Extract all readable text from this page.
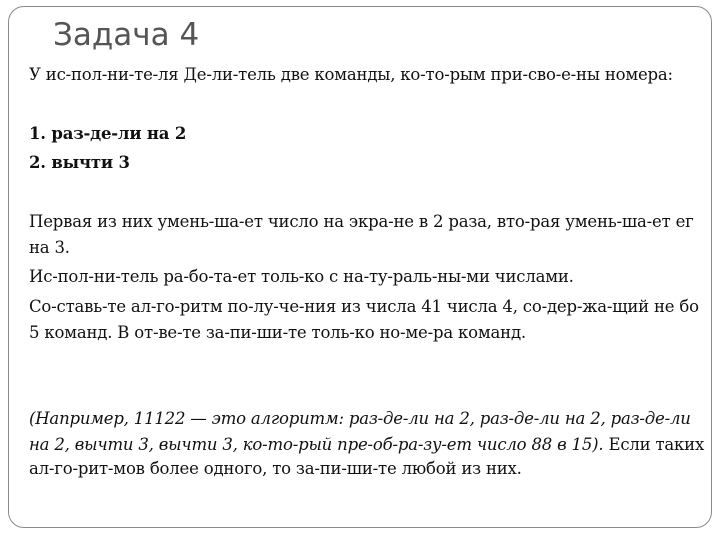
Задача 4
У ис-пол-ни-те-ля Де-ли-тель две команды, ко-то-рым при-сво-е-ны номера:
1. раз-де-ли на 2
2. вычти 3
Первая из них умень-ша-ет число на экра-не в 2 раза, вто-рая умень-ша-ет ег
на 3.
Ис-пол-ни-тель ра-бо-та-ет толь-ко с на-ту-раль-ны-ми числами.
Со-ставь-те ал-го-ритм по-лу-че-ния из числа 41 числа 4, со-дер-жа-щий не бо
5 команд. В от-ве-те за-пи-ши-те толь-ко но-ме-ра команд.
(Например, 11122 — это алгоритм: раз-де-ли на 2, раз-де-ли на 2, раз-де-ли
на 2, вычти 3, вычти 3, ко-то-рый пре-об-ра-зу-ет число 88 в 15). Если таких
ал-го-рит-мов более одного, то за-пи-ши-те любой из них.
